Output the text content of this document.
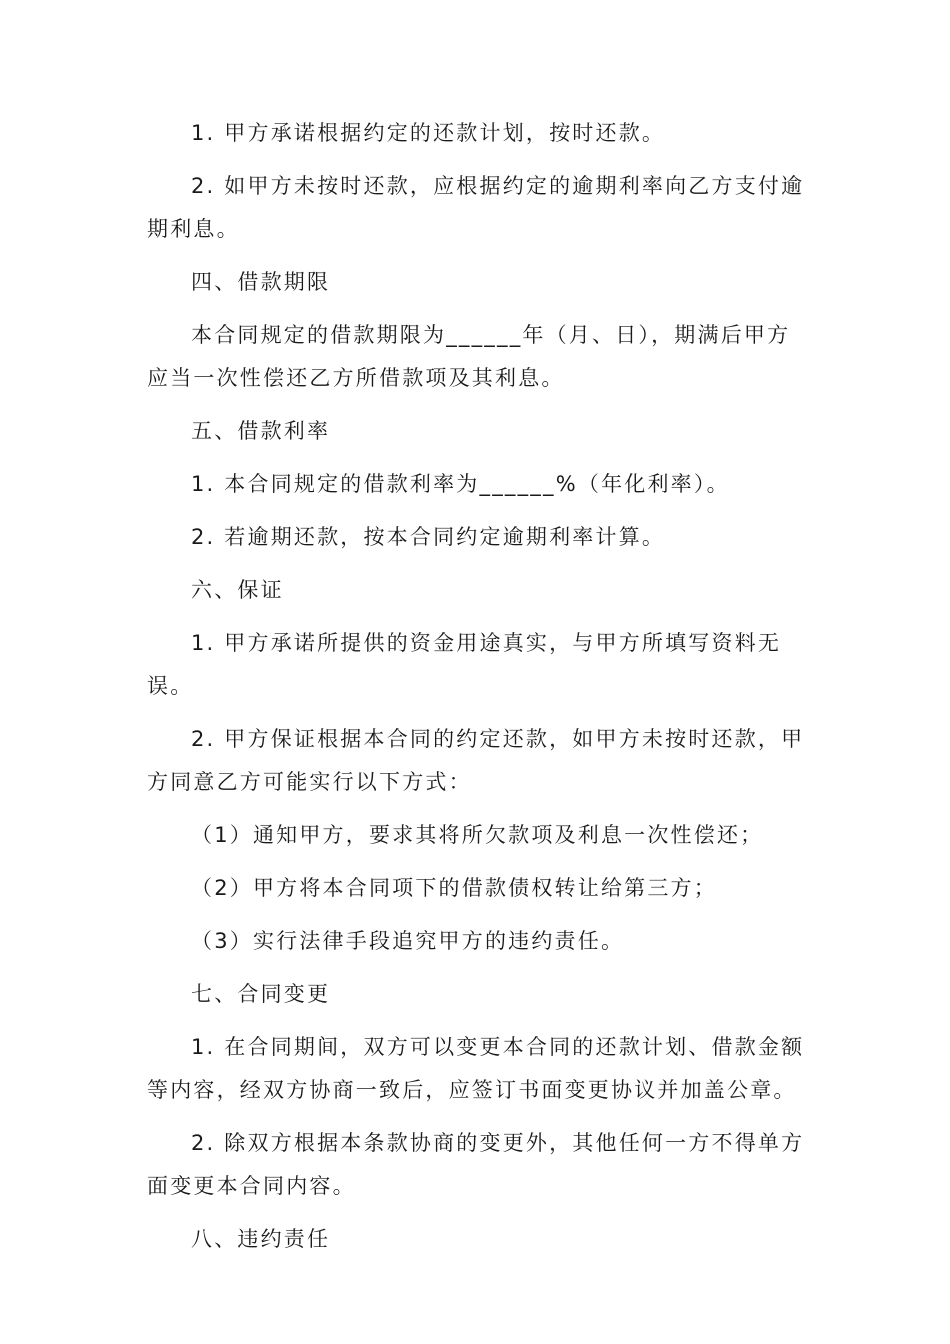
1. 甲方承诺根据约定的还款计划，按时还款。

2. 如甲方未按时还款，应根据约定的逾期利率向乙方支付逾期利息。

四、借款期限

本合同规定的借款期限为______年（月、日），期满后甲方应当一次性偿还乙方所借款项及其利息。

五、借款利率

1. 本合同规定的借款利率为______%（年化利率）。

2. 若逾期还款，按本合同约定逾期利率计算。

六、保证

1. 甲方承诺所提供的资金用途真实，与甲方所填写资料无误。

2. 甲方保证根据本合同的约定还款，如甲方未按时还款，甲方同意乙方可能实行以下方式：

（1）通知甲方，要求其将所欠款项及利息一次性偿还；

（2）甲方将本合同项下的借款债权转让给第三方；

（3）实行法律手段追究甲方的违约责任。

七、合同变更

1. 在合同期间，双方可以变更本合同的还款计划、借款金额等内容，经双方协商一致后，应签订书面变更协议并加盖公章。

2. 除双方根据本条款协商的变更外，其他任何一方不得单方面变更本合同内容。

八、违约责任
